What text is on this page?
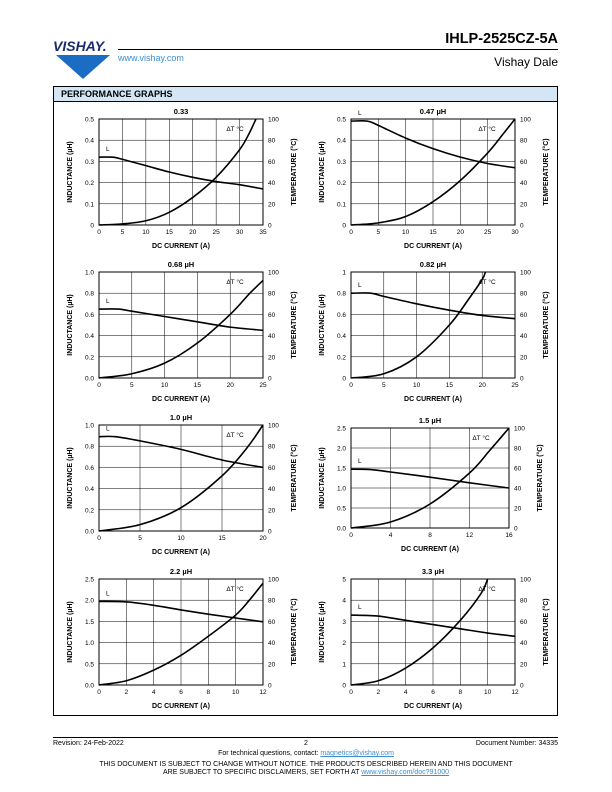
VISHAY.
www.vishay.com
IHLP-2525CZ-5A
Vishay Dale
PERFORMANCE GRAPHS
0.33
0	5	10 15 20 25 30 35
0
0.1
0.2
0.3
0.4
0.5
0
20
40
60
80
100
DC CURRENT (A)
INDUCTANCE (µH)	TEMPERATURE (°C)
L
ΔT °C
0.47 µH
0	5	10	15	20	25	30
0
0.1
0.2
0.3
0.4
0.5
0
20
40
60
80
100
DC CURRENT (A)
INDUCTANCE (µH)	TEMPERATURE (°C)
L
ΔT °C
0.68 µH
0	5	10	15	20	25
0.0
0.2
0.4
0.6
0.8
1.0
0
20
40
60
80
100
DC CURRENT (A)
INDUCTANCE (µH)	TEMPERATURE (°C)
L
ΔT °C
0.82 µH
0	5	10	15	20	25
0
0.2
0.4
0.6
0.8
1
0
20
40
60
80
100
DC CURRENT (A)
INDUCTANCE (µH)	TEMPERATURE (°C)
L	ΔT °C
1.0 µH
0	5	10	15	20
0.0
0.2
0.4
0.6
0.8
1.0
0
20
40
60
80
100
DC CURRENT (A)
INDUCTANCE (µH)	TEMPERATURE (°C)
L
ΔT °C
1.5 µH
0	4	8	12	16
0.0
0.5
1.0
1.5
2.0
2.5
0
20
40
60
80
100
DC CURRENT (A)
INDUCTANCE (µH)	TEMPERATURE (°C)
L
ΔT °C
2.2 µH
0	2	4	6	8	10	12
0.0
0.5
1.0
1.5
2.0
2.5
0
20
40
60
80
100
DC CURRENT (A)
INDUCTANCE (µH)	TEMPERATURE (°C)
L
ΔT °C
3.3 µH
0	2	4	6	8	10	12
0
1
2
3
4
5
0
20
40
60
80
100
DC CURRENT (A)
INDUCTANCE (µH)	TEMPERATURE (°C)
L
ΔT °C
Revision: 24-Feb-2022	2	Document Number: 34335
For technical questions, contact: magnetics@vishay.com
THIS DOCUMENT IS SUBJECT TO CHANGE WITHOUT NOTICE. THE PRODUCTS DESCRIBED HEREIN AND THIS DOCUMENT
ARE SUBJECT TO SPECIFIC DISCLAIMERS, SET FORTH AT www.vishay.com/doc?91000
